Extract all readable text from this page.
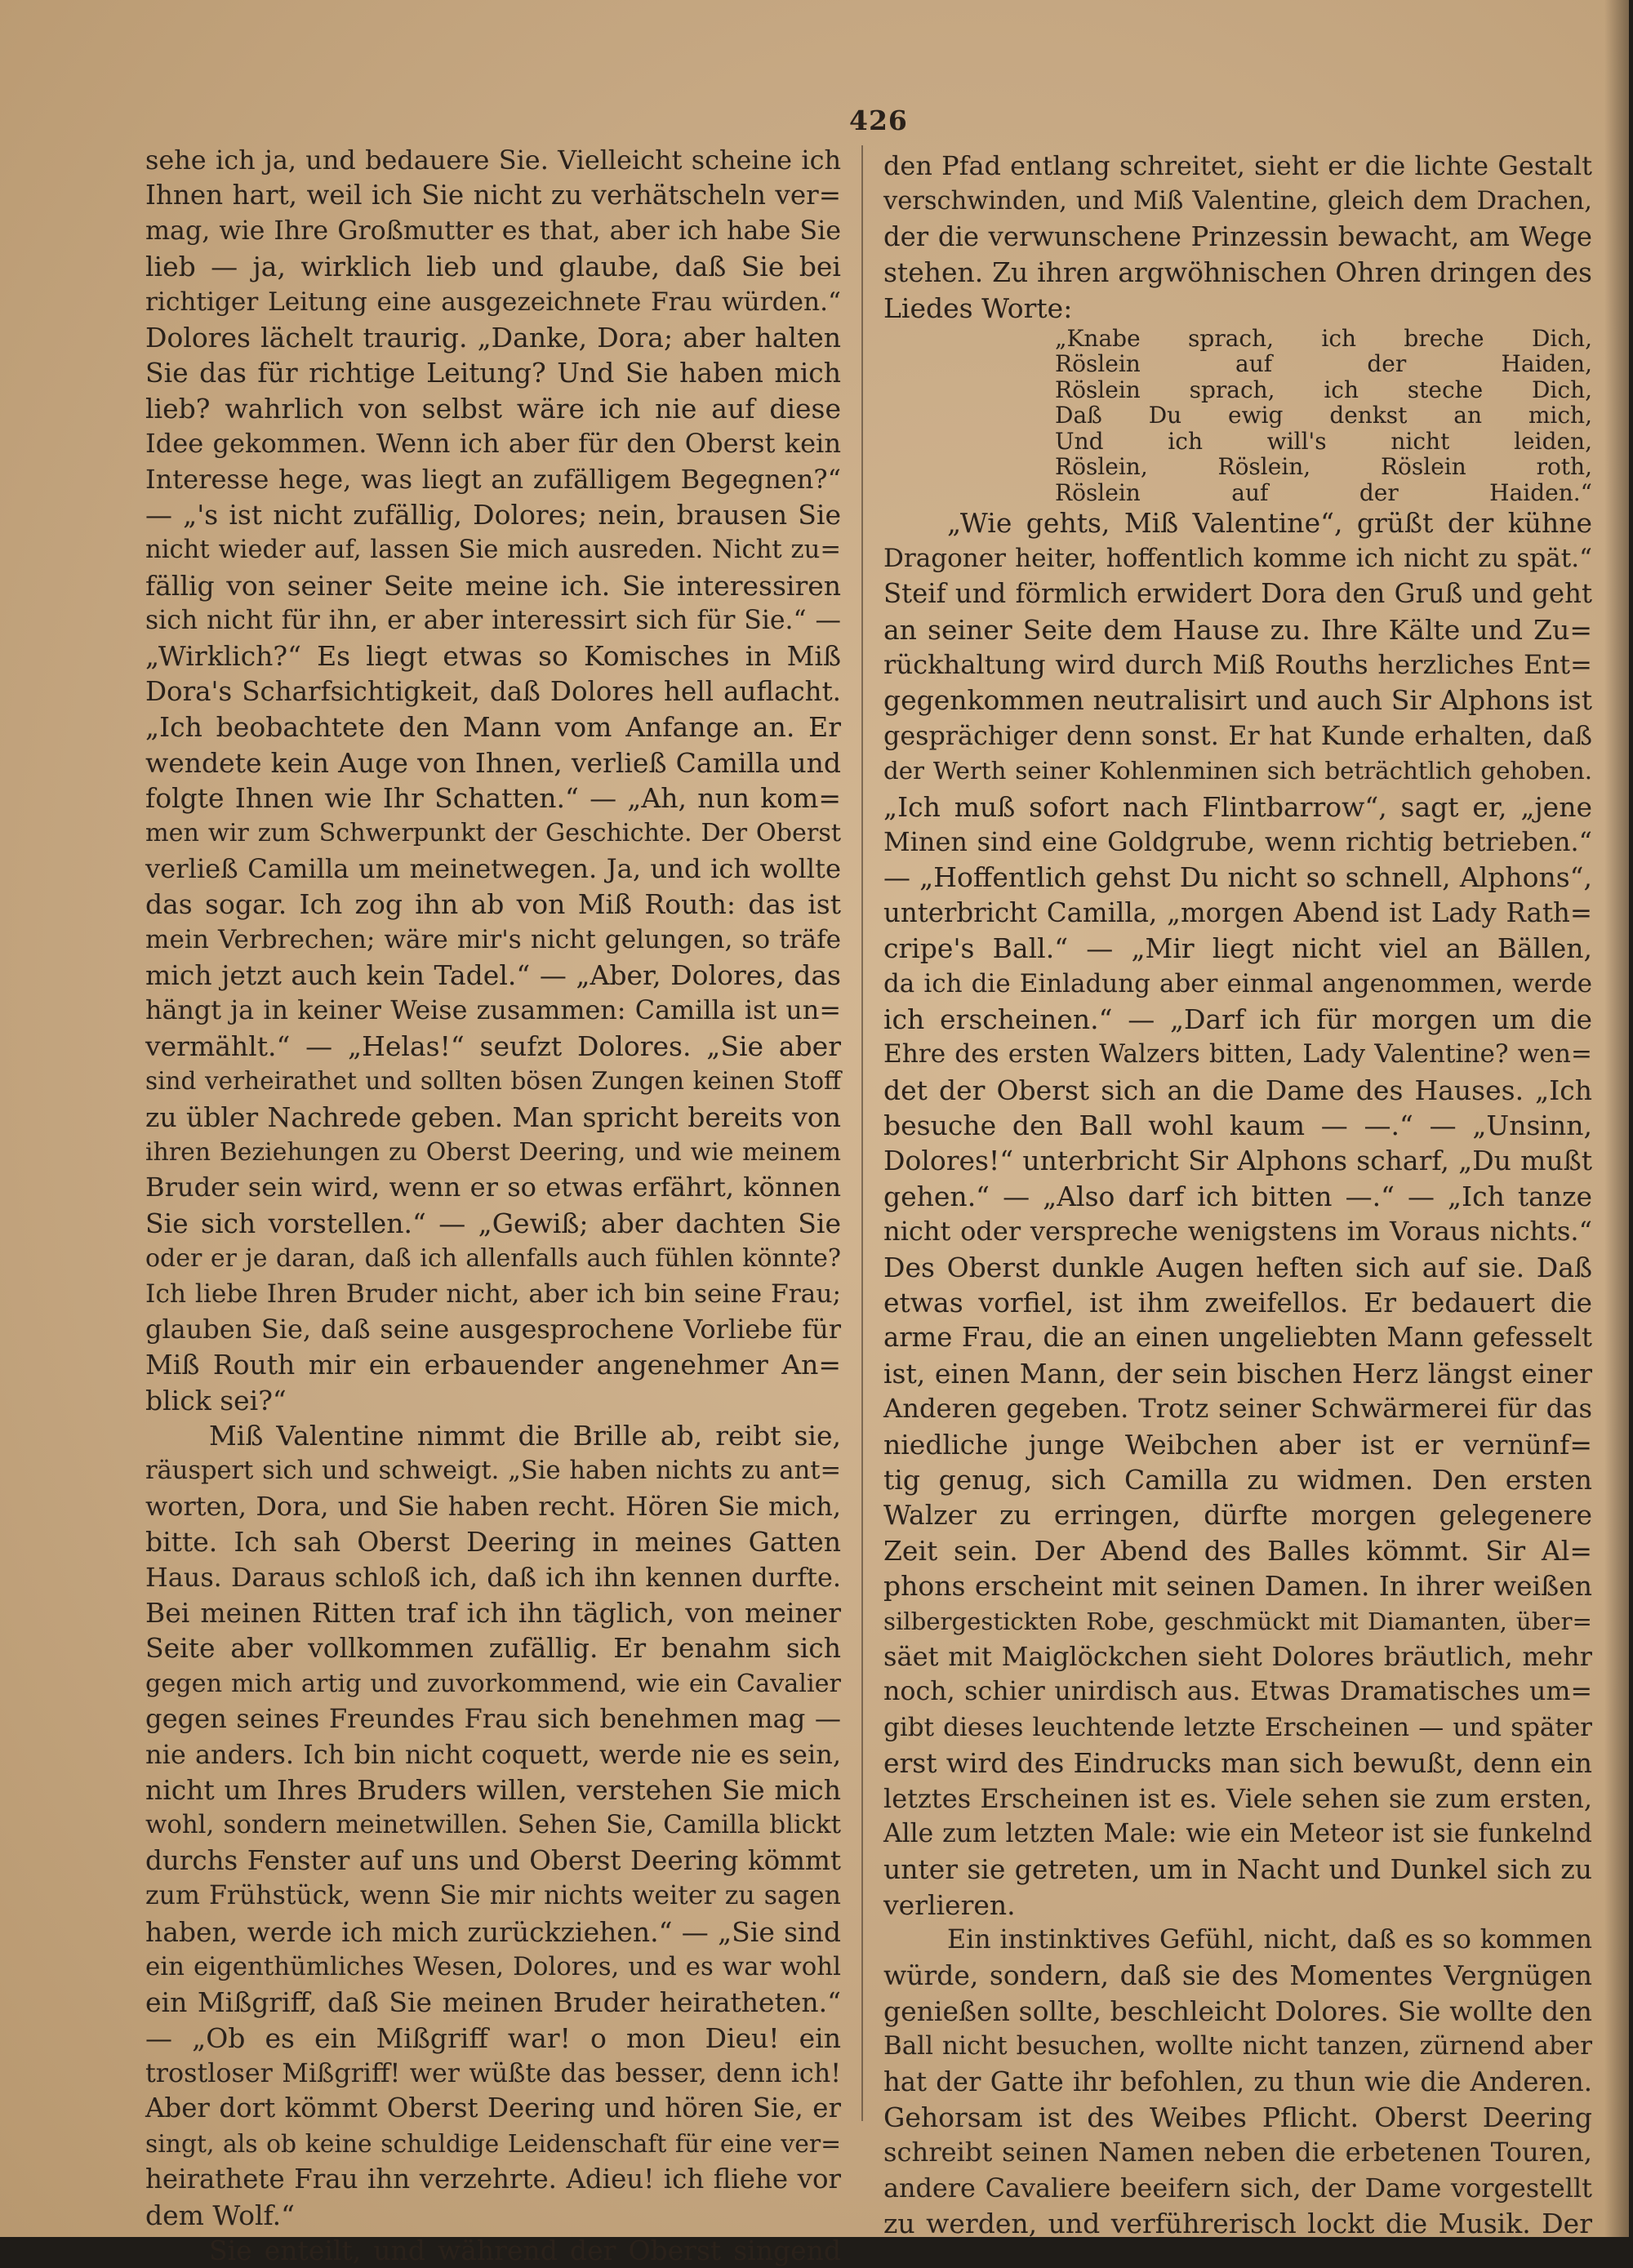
426
sehe ich ja, und bedauere Sie. Vielleicht scheine ich
Ihnen hart, weil ich Sie nicht zu verhätscheln ver=
mag, wie Ihre Großmutter es that, aber ich habe Sie
lieb — ja, wirklich lieb und glaube, daß Sie bei
richtiger Leitung eine ausgezeichnete Frau würden.“
Dolores lächelt traurig. „Danke, Dora; aber halten
Sie das für richtige Leitung? Und Sie haben mich
lieb? wahrlich von selbst wäre ich nie auf diese
Idee gekommen. Wenn ich aber für den Oberst kein
Interesse hege, was liegt an zufälligem Begegnen?“
— „'s ist nicht zufällig, Dolores; nein, brausen Sie
nicht wieder auf, lassen Sie mich ausreden. Nicht zu=
fällig von seiner Seite meine ich. Sie interessiren
sich nicht für ihn, er aber interessirt sich für Sie.“ —
„Wirklich?“ Es liegt etwas so Komisches in Miß
Dora's Scharfsichtigkeit, daß Dolores hell auflacht.
„Ich beobachtete den Mann vom Anfange an. Er
wendete kein Auge von Ihnen, verließ Camilla und
folgte Ihnen wie Ihr Schatten.“ — „Ah, nun kom=
men wir zum Schwerpunkt der Geschichte. Der Oberst
verließ Camilla um meinetwegen. Ja, und ich wollte
das sogar. Ich zog ihn ab von Miß Routh: das ist
mein Verbrechen; wäre mir's nicht gelungen, so träfe
mich jetzt auch kein Tadel.“ — „Aber, Dolores, das
hängt ja in keiner Weise zusammen: Camilla ist un=
vermählt.“ — „Helas!“ seufzt Dolores. „Sie aber
sind verheirathet und sollten bösen Zungen keinen Stoff
zu übler Nachrede geben. Man spricht bereits von
ihren Beziehungen zu Oberst Deering, und wie meinem
Bruder sein wird, wenn er so etwas erfährt, können
Sie sich vorstellen.“ — „Gewiß; aber dachten Sie
oder er je daran, daß ich allenfalls auch fühlen könnte?
Ich liebe Ihren Bruder nicht, aber ich bin seine Frau;
glauben Sie, daß seine ausgesprochene Vorliebe für
Miß Routh mir ein erbauender angenehmer An=
blick sei?“
Miß Valentine nimmt die Brille ab, reibt sie,
räuspert sich und schweigt. „Sie haben nichts zu ant=
worten, Dora, und Sie haben recht. Hören Sie mich,
bitte. Ich sah Oberst Deering in meines Gatten
Haus. Daraus schloß ich, daß ich ihn kennen durfte.
Bei meinen Ritten traf ich ihn täglich, von meiner
Seite aber vollkommen zufällig. Er benahm sich
gegen mich artig und zuvorkommend, wie ein Cavalier
gegen seines Freundes Frau sich benehmen mag —
nie anders. Ich bin nicht coquett, werde nie es sein,
nicht um Ihres Bruders willen, verstehen Sie mich
wohl, sondern meinetwillen. Sehen Sie, Camilla blickt
durchs Fenster auf uns und Oberst Deering kömmt
zum Frühstück, wenn Sie mir nichts weiter zu sagen
haben, werde ich mich zurückziehen.“ — „Sie sind
ein eigenthümliches Wesen, Dolores, und es war wohl
ein Mißgriff, daß Sie meinen Bruder heiratheten.“
— „Ob es ein Mißgriff war! o mon Dieu! ein
trostloser Mißgriff! wer wüßte das besser, denn ich!
Aber dort kömmt Oberst Deering und hören Sie, er
singt, als ob keine schuldige Leidenschaft für eine ver=
heirathete Frau ihn verzehrte. Adieu! ich fliehe vor
dem Wolf.“
Sie enteilt, und während der Oberst singend
den Pfad entlang schreitet, sieht er die lichte Gestalt
verschwinden, und Miß Valentine, gleich dem Drachen,
der die verwunschene Prinzessin bewacht, am Wege
stehen. Zu ihren argwöhnischen Ohren dringen des
Liedes Worte:
„Knabe sprach, ich breche Dich,
Röslein auf der Haiden,
Röslein sprach, ich steche Dich,
Daß Du ewig denkst an mich,
Und ich will's nicht leiden,
Röslein, Röslein, Röslein roth,
Röslein auf der Haiden.“
„Wie gehts, Miß Valentine“, grüßt der kühne
Dragoner heiter, hoffentlich komme ich nicht zu spät.“
Steif und förmlich erwidert Dora den Gruß und geht
an seiner Seite dem Hause zu. Ihre Kälte und Zu=
rückhaltung wird durch Miß Rouths herzliches Ent=
gegenkommen neutralisirt und auch Sir Alphons ist
gesprächiger denn sonst. Er hat Kunde erhalten, daß
der Werth seiner Kohlenminen sich beträchtlich gehoben.
„Ich muß sofort nach Flintbarrow“, sagt er, „jene
Minen sind eine Goldgrube, wenn richtig betrieben.“
— „Hoffentlich gehst Du nicht so schnell, Alphons“,
unterbricht Camilla, „morgen Abend ist Lady Rath=
cripe's Ball.“ — „Mir liegt nicht viel an Bällen,
da ich die Einladung aber einmal angenommen, werde
ich erscheinen.“ — „Darf ich für morgen um die
Ehre des ersten Walzers bitten, Lady Valentine? wen=
det der Oberst sich an die Dame des Hauses. „Ich
besuche den Ball wohl kaum — —.“ — „Unsinn,
Dolores!“ unterbricht Sir Alphons scharf, „Du mußt
gehen.“ — „Also darf ich bitten —.“ — „Ich tanze
nicht oder verspreche wenigstens im Voraus nichts.“
Des Oberst dunkle Augen heften sich auf sie. Daß
etwas vorfiel, ist ihm zweifellos. Er bedauert die
arme Frau, die an einen ungeliebten Mann gefesselt
ist, einen Mann, der sein bischen Herz längst einer
Anderen gegeben. Trotz seiner Schwärmerei für das
niedliche junge Weibchen aber ist er vernünf=
tig genug, sich Camilla zu widmen. Den ersten
Walzer zu erringen, dürfte morgen gelegenere
Zeit sein. Der Abend des Balles kömmt. Sir Al=
phons erscheint mit seinen Damen. In ihrer weißen
silbergestickten Robe, geschmückt mit Diamanten, über=
säet mit Maiglöckchen sieht Dolores bräutlich, mehr
noch, schier unirdisch aus. Etwas Dramatisches um=
gibt dieses leuchtende letzte Erscheinen — und später
erst wird des Eindrucks man sich bewußt, denn ein
letztes Erscheinen ist es. Viele sehen sie zum ersten,
Alle zum letzten Male: wie ein Meteor ist sie funkelnd
unter sie getreten, um in Nacht und Dunkel sich zu
verlieren.
Ein instinktives Gefühl, nicht, daß es so kommen
würde, sondern, daß sie des Momentes Vergnügen
genießen sollte, beschleicht Dolores. Sie wollte den
Ball nicht besuchen, wollte nicht tanzen, zürnend aber
hat der Gatte ihr befohlen, zu thun wie die Anderen.
Gehorsam ist des Weibes Pflicht. Oberst Deering
schreibt seinen Namen neben die erbetenen Touren,
andere Cavaliere beeifern sich, der Dame vorgestellt
zu werden, und verführerisch lockt die Musik. Der
